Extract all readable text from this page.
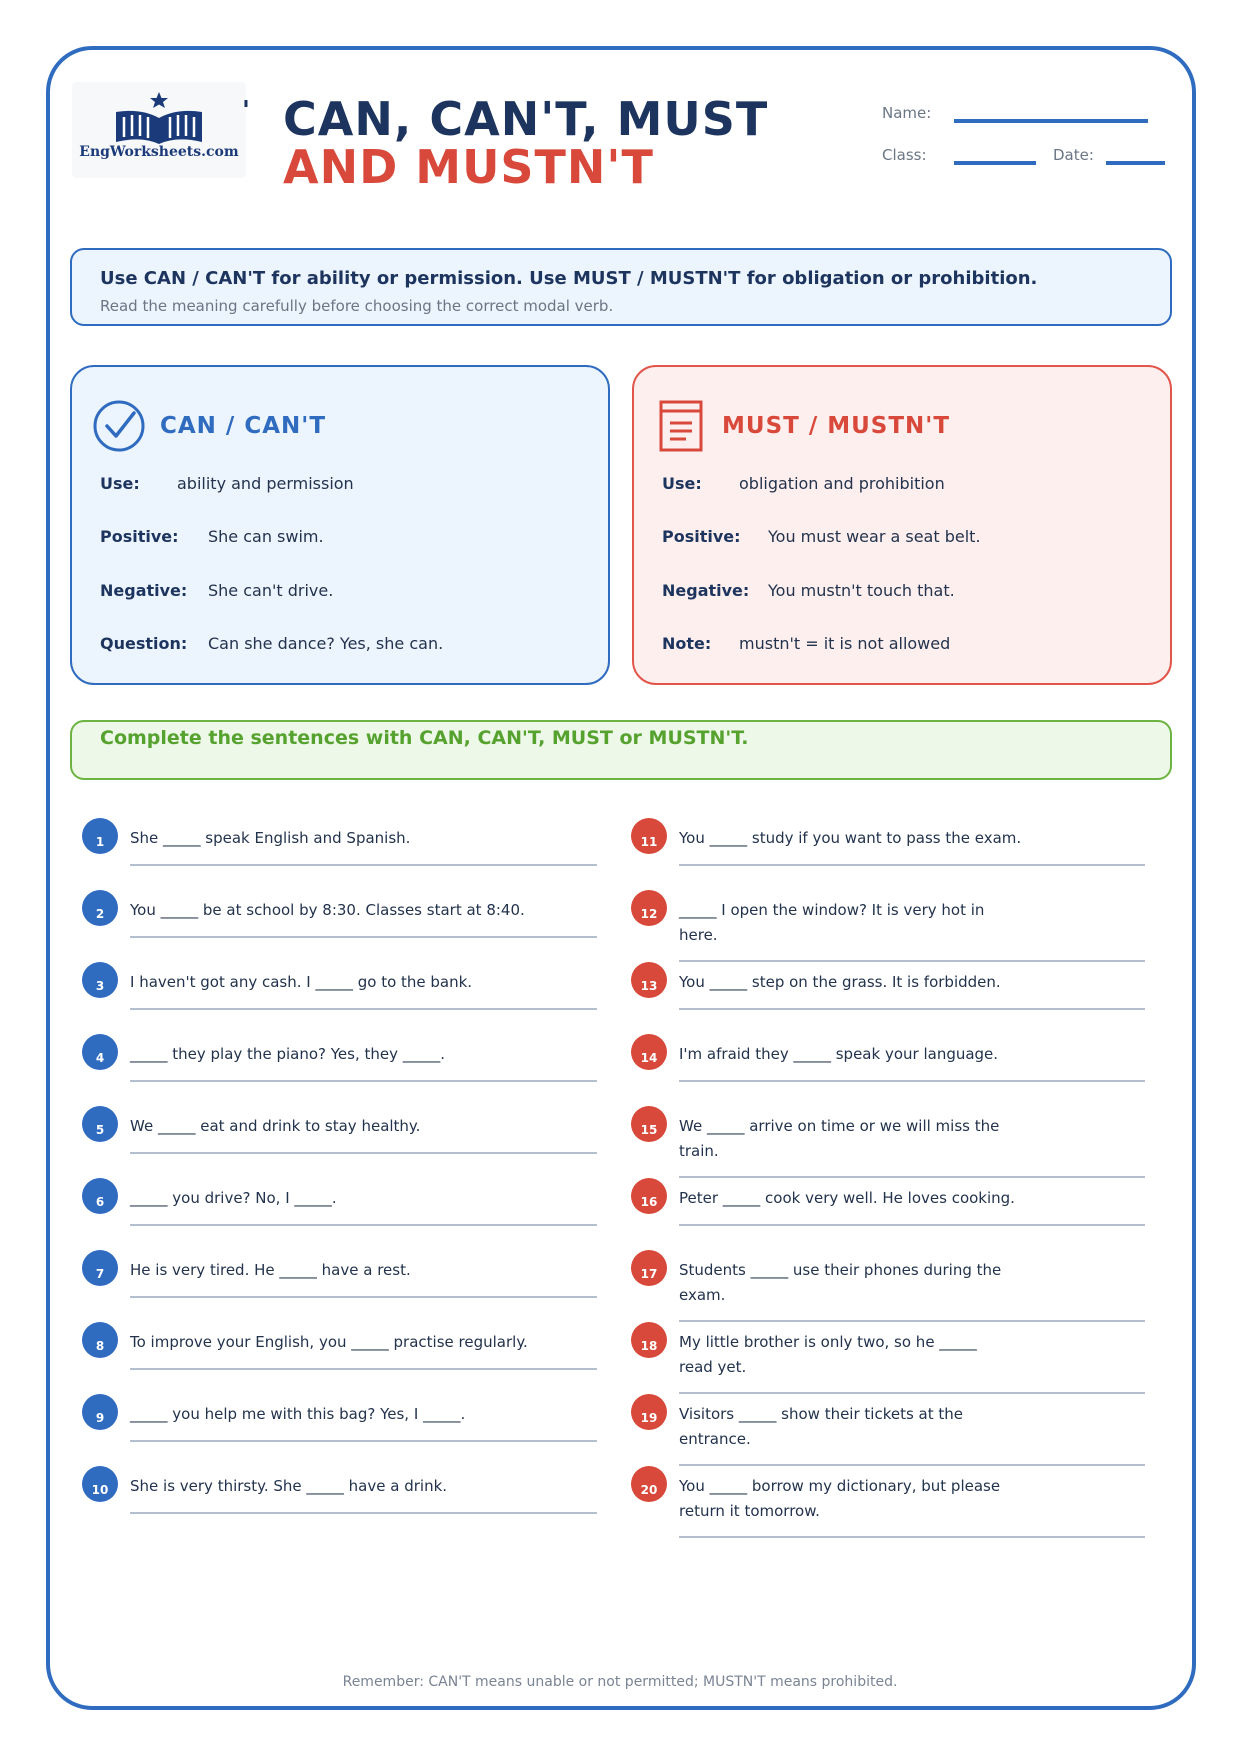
EngWorksheets.com
' CAN, CAN'T, MUST
AND MUSTN'T
Name:
Class:	Date:
Use CAN / CAN'T for ability or permission. Use MUST / MUSTN'T for obligation or prohibition.
Read the meaning carefully before choosing the correct modal verb.
CAN / CAN'T
Use: ability and permission
Positive: She can swim.
Negative: She can't drive.
Question: Can she dance? Yes, she can.
MUST / MUSTN'T
Use: obligation and prohibition
Positive: You must wear a seat belt.
Negative: You mustn't touch that.
Note: mustn't = it is not allowed
Complete the sentences with CAN, CAN'T, MUST or MUSTN'T.
1	She _____ speak English and Spanish.
2	You _____ be at school by 8:30. Classes start at 8:40.
3	I haven't got any cash. I _____ go to the bank.
4	_____ they play the piano? Yes, they _____.
5	We _____ eat and drink to stay healthy.
6	_____ you drive? No, I _____.
7	He is very tired. He _____ have a rest.
8	To improve your English, you _____ practise regularly.
9	_____ you help me with this bag? Yes, I _____.
10	She is very thirsty. She _____ have a drink.
11	You _____ study if you want to pass the exam.
12	_____ I open the window? It is very hot in here.
13	You _____ step on the grass. It is forbidden.
14	I'm afraid they _____ speak your language.
15	We _____ arrive on time or we will miss the train.
16	Peter _____ cook very well. He loves cooking.
17	Students _____ use their phones during the exam.
18	My little brother is only two, so he _____ read yet.
19	Visitors _____ show their tickets at the entrance.
20	You _____ borrow my dictionary, but please return it tomorrow.
Remember: CAN'T means unable or not permitted; MUSTN'T means prohibited.
